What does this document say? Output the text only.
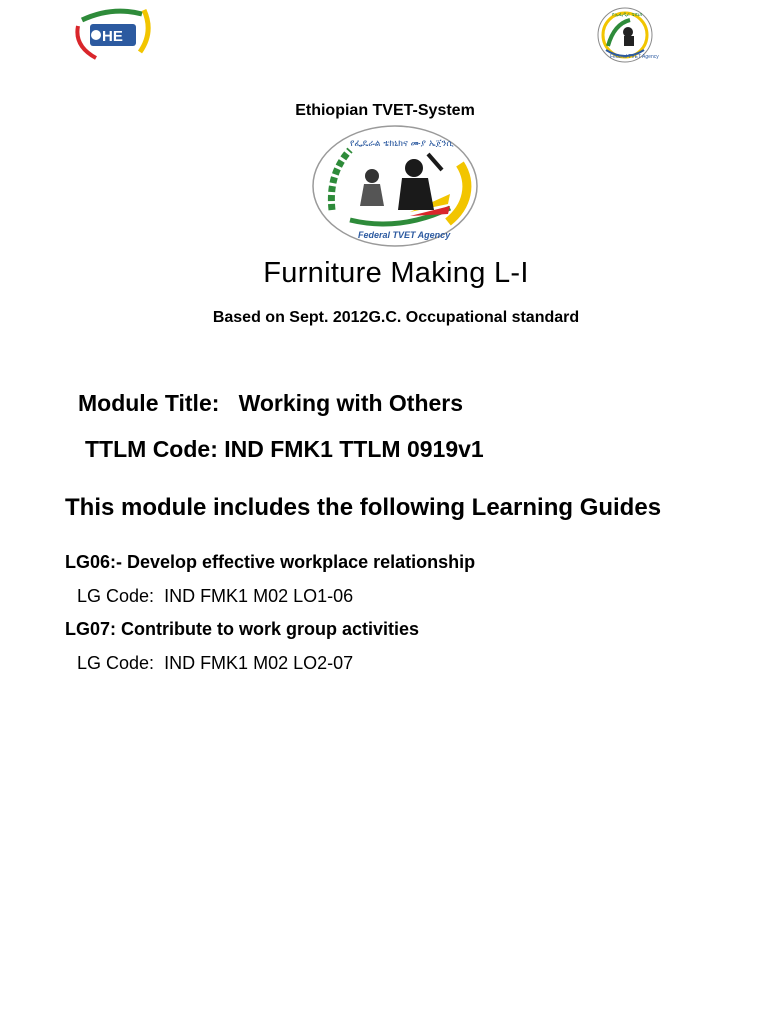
HE
Federal TVET Agency
የኢፌዲሪ ቴክኒክ
Ethiopian TVET-System
የፌዴራል ቴክኒክና ሙያ ኤጀንሲ
Federal TVET Agency
Furniture Making L-I
Based on Sept. 2012G.C. Occupational standard
Module Title: Working with Others
TTLM Code: IND FMK1 TTLM 0919v1
This module includes the following Learning Guides
LG06:- Develop effective workplace relationship
LG Code: IND FMK1 M02 LO1-06
LG07: Contribute to work group activities
LG Code: IND FMK1 M02 LO2-07
